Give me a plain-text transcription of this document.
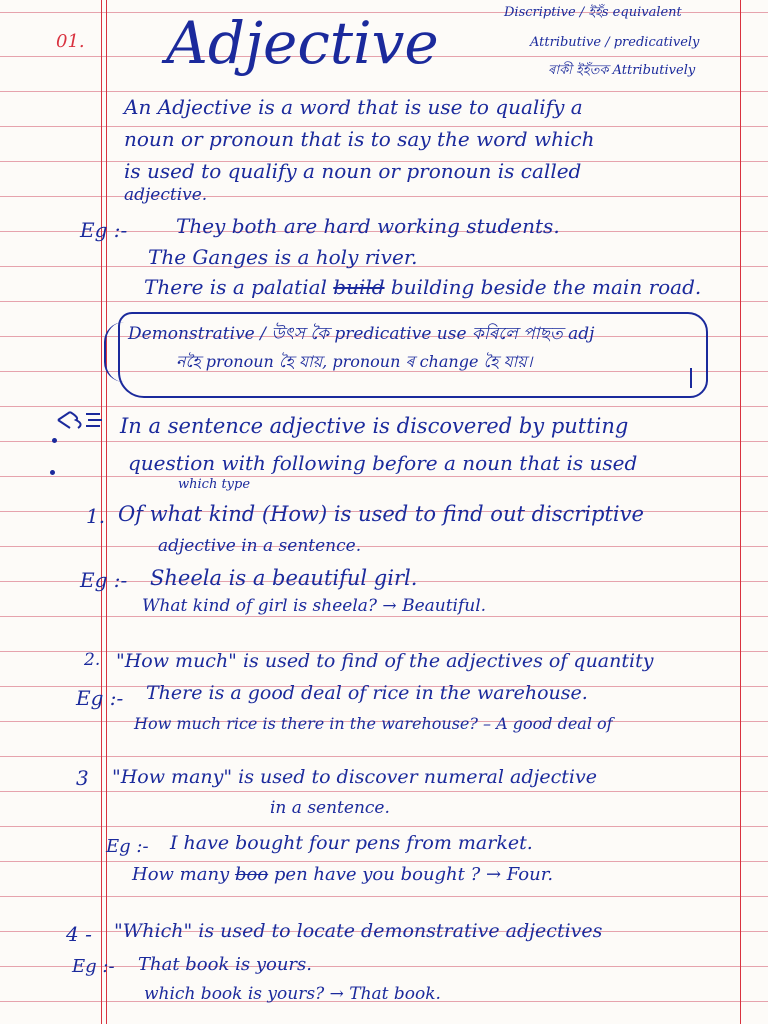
01. Adjective	Discriptive / ইহঁs equivalent
Attributive / predicatively
ৰাকী ইহঁতক Attributively
An Adjective is a word that is use to qualify a
noun or pronoun that is to say the word which
is used to qualify a noun or pronoun is called
adjective.
Eg :- They both are hard working students.
The Ganges is a holy river.
There is a palatial build building beside the main road.
Demonstrative / উৎস কৈ predicative use কৰিলে পাছত adj
নহৈ pronoun হৈ যায়, pronoun ৰ change হৈ যায়।
In a sentence adjective is discovered by putting
question with following before a noun that is used
which type
1. Of what kind (How) is used to find out discriptive
adjective in a sentence.
Eg :- Sheela is a beautiful girl.
What kind of girl is sheela? → Beautiful.
2. "How much" is used to find of the adjectives of quantity
Eg :- There is a good deal of rice in the warehouse.
How much rice is there in the warehouse? – A good deal of
3 "How many" is used to discover numeral adjective
in a sentence.
Eg :- I have bought four pens from market.
How many boo pen have you bought ? → Four.
4 - "Which" is used to locate demonstrative adjectives
Eg :- That book is yours.
which book is yours? → That book.
